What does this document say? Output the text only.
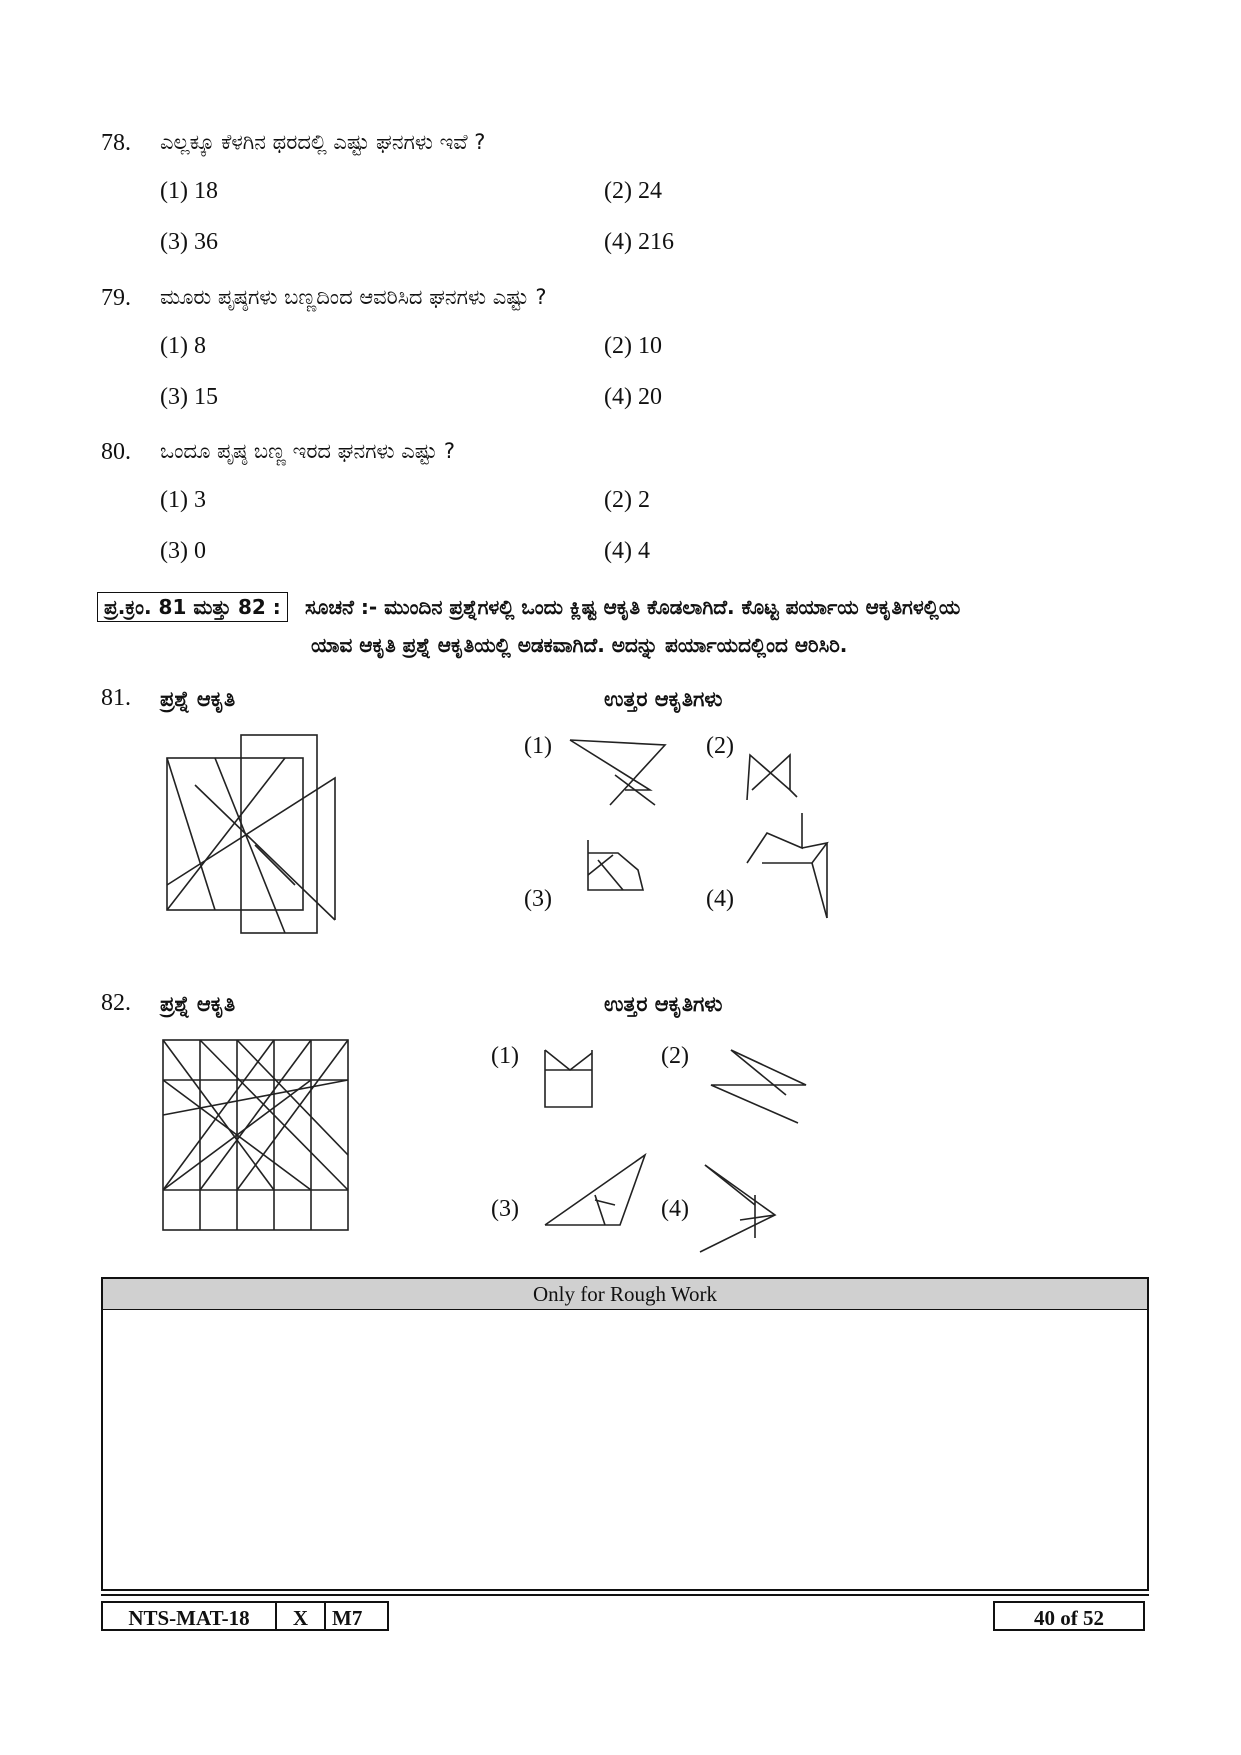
78. ಎಲ್ಲಕ್ಕೂ ಕೆಳಗಿನ ಥರದಲ್ಲಿ ಎಷ್ಟು ಘನಗಳು ಇವೆ ?
(1) 18	(2) 24
(3) 36	(4) 216
79. ಮೂರು ಪೃಷ್ಠಗಳು ಬಣ್ಣದಿಂದ ಆವರಿಸಿದ ಘನಗಳು ಎಷ್ಟು ?
(1) 8	(2) 10
(3) 15	(4) 20
80. ಒಂದೂ ಪೃಷ್ಠ ಬಣ್ಣ ಇರದ ಘನಗಳು ಎಷ್ಟು ?
(1) 3	(2) 2
(3) 0	(4) 4
ಪ್ರ.ಕ್ರಂ. 81 ಮತ್ತು 82 :	ಸೂಚನೆ :- ಮುಂದಿನ ಪ್ರಶ್ನೆಗಳಲ್ಲಿ ಒಂದು ಕ್ಲಿಷ್ಟ ಆಕೃತಿ ಕೊಡಲಾಗಿದೆ. ಕೊಟ್ಟ ಪರ್ಯಾಯ ಆಕೃತಿಗಳಲ್ಲಿಯ
ಯಾವ ಆಕೃತಿ ಪ್ರಶ್ನೆ ಆಕೃತಿಯಲ್ಲಿ ಅಡಕವಾಗಿದೆ. ಅದನ್ನು ಪರ್ಯಾಯದಲ್ಲಿಂದ ಆರಿಸಿರಿ.
81. ಪ್ರಶ್ನೆ ಆಕೃತಿ	ಉತ್ತರ ಆಕೃತಿಗಳು
(1)	(2)
(3)	(4)
82. ಪ್ರಶ್ನೆ ಆಕೃತಿ	ಉತ್ತರ ಆಕೃತಿಗಳು
(1)	(2)
(3)	(4)
Only for Rough Work
NTS-MAT-18	X	M7	40 of 52
